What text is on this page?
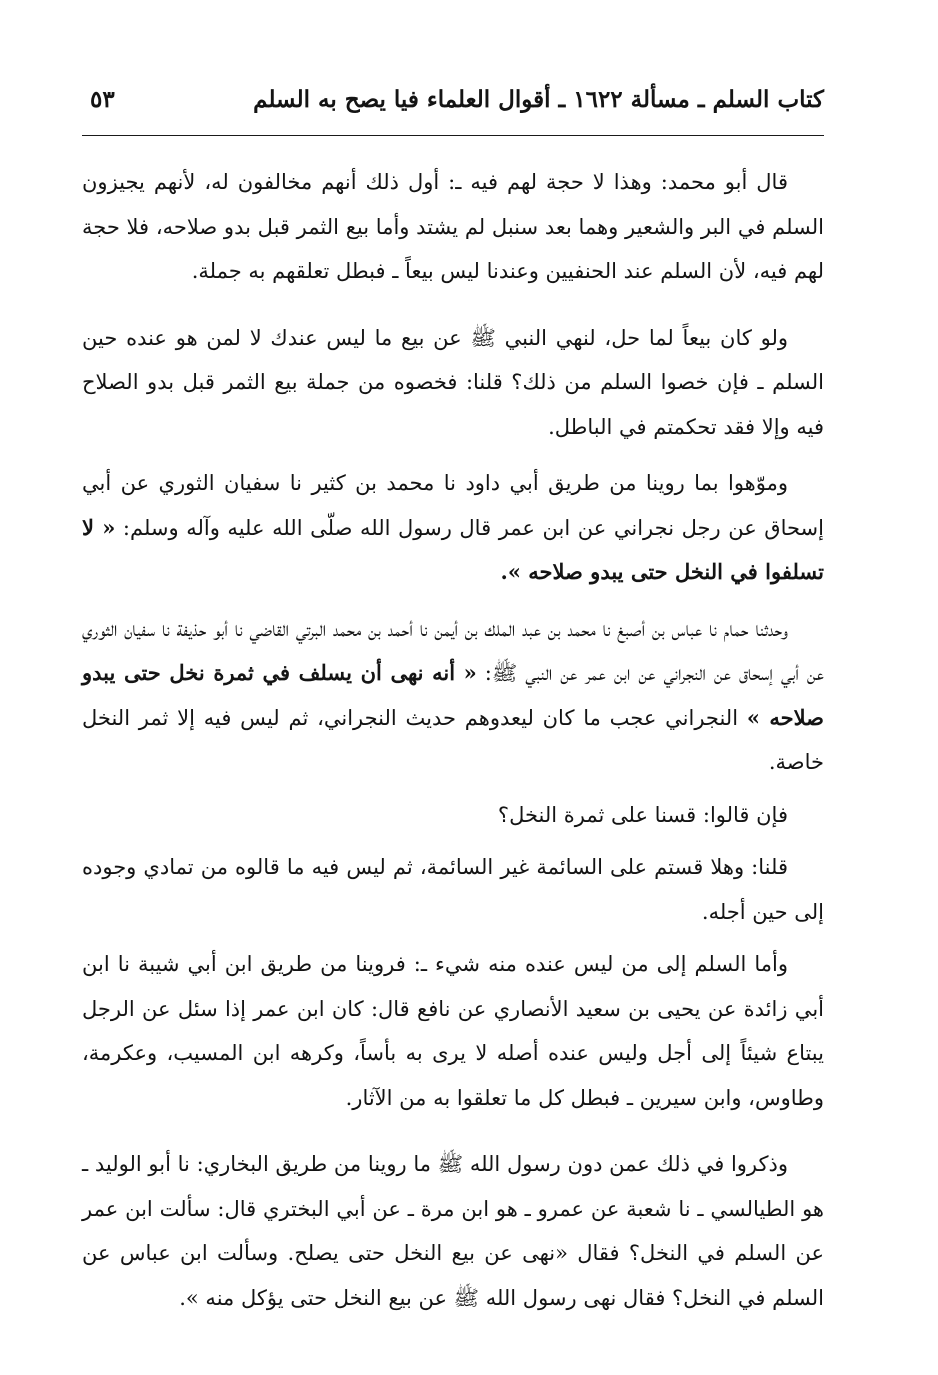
كتاب السلم ـ مسألة ١٦٢٢ ـ أقوال العلماء فيا يصح به السلم
٥٣

قال أبو محمد: وهذا لا حجة لهم فيه ـ: أول ذلك أنهم مخالفون له، لأنهم يجيزون السلم في البر والشعير وهما بعد سنبل لم يشتد وأما بيع الثمر قبل بدو صلاحه، فلا حجة لهم فيه، لأن السلم عند الحنفيين وعندنا ليس بيعاً ـ فبطل تعلقهم به جملة.

ولو كان بيعاً لما حل، لنهي النبي ﷺ عن بيع ما ليس عندك لا لمن هو عنده حين السلم ـ فإن خصوا السلم من ذلك؟ قلنا: فخصوه من جملة بيع الثمر قبل بدو الصلاح فيه وإلا فقد تحكمتم في الباطل.

وموّهوا بما روينا من طريق أبي داود نا محمد بن كثير نا سفيان الثوري عن أبي إسحاق عن رجل نجراني عن ابن عمر قال رسول الله صلّى الله عليه وآله وسلم: « لا تسلفوا في النخل حتى يبدو صلاحه ».

وحدثنا حمام نا عباس بن أصبغ نا محمد بن عبد الملك بن أيمن نا أحمد بن محمد البرتي القاضي نا أبو حذيفة نا سفيان الثوري عن أبي إسحاق عن النجراني عن ابن عمر عن النبي ﷺ: « أنه نهى أن يسلف في ثمرة نخل حتى يبدو صلاحه » النجراني عجب ما كان ليعدوهم حديث النجراني، ثم ليس فيه إلا ثمر النخل خاصة.

فإن قالوا: قسنا على ثمرة النخل؟

قلنا: وهلا قستم على السائمة غير السائمة، ثم ليس فيه ما قالوه من تمادي وجوده إلى حين أجله.

وأما السلم إلى من ليس عنده منه شيء ـ: فروينا من طريق ابن أبي شيبة نا ابن أبي زائدة عن يحيى بن سعيد الأنصاري عن نافع قال: كان ابن عمر إذا سئل عن الرجل يبتاع شيئاً إلى أجل وليس عنده أصله لا يرى به بأساً، وكرهه ابن المسيب، وعكرمة، وطاوس، وابن سيرين ـ فبطل كل ما تعلقوا به من الآثار.

وذكروا في ذلك عمن دون رسول الله ﷺ ما روينا من طريق البخاري: نا أبو الوليد ـ هو الطيالسي ـ نا شعبة عن عمرو ـ هو ابن مرة ـ عن أبي البختري قال: سألت ابن عمر عن السلم في النخل؟ فقال «نهى عن بيع النخل حتى يصلح. وسألت ابن عباس عن السلم في النخل؟ فقال نهى رسول الله ﷺ عن بيع النخل حتى يؤكل منه ».
